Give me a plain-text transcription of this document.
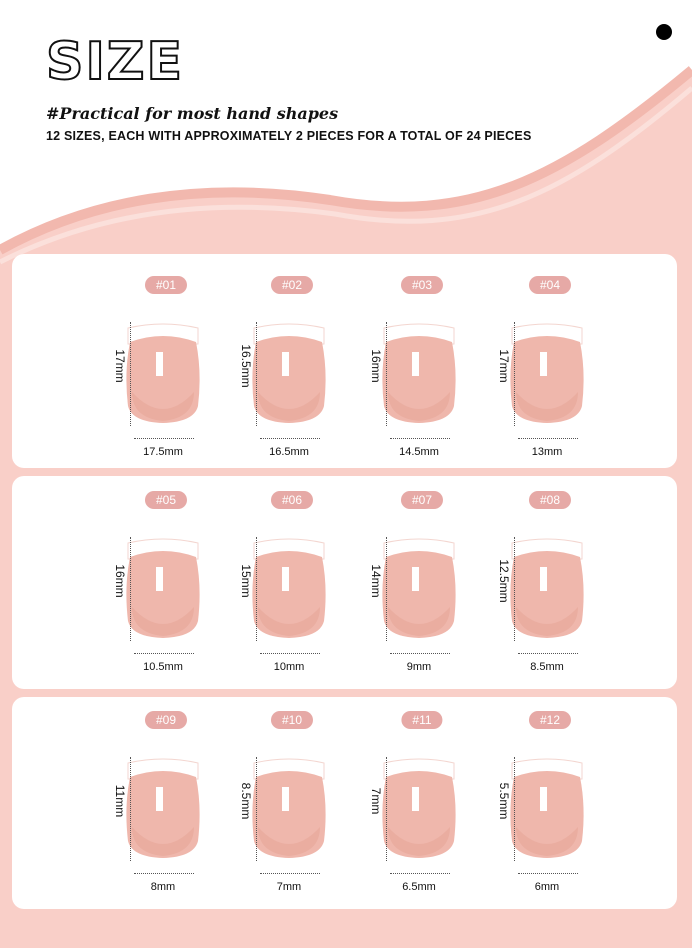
SIZE
#Practical for most hand shapes
12 SIZES, EACH WITH APPROXIMATELY 2 PIECES FOR A TOTAL OF 24 PIECES
#01
17mm
17.5mm
#02
16.5mm
16.5mm
#03
16mm
14.5mm
#04
17mm
13mm
#05
16mm
10.5mm
#06
15mm
10mm
#07
14mm
9mm
#08
12.5mm
8.5mm
#09
11mm
8mm
#10
8.5mm
7mm
#11
7mm
6.5mm
#12
5.5mm
6mm
